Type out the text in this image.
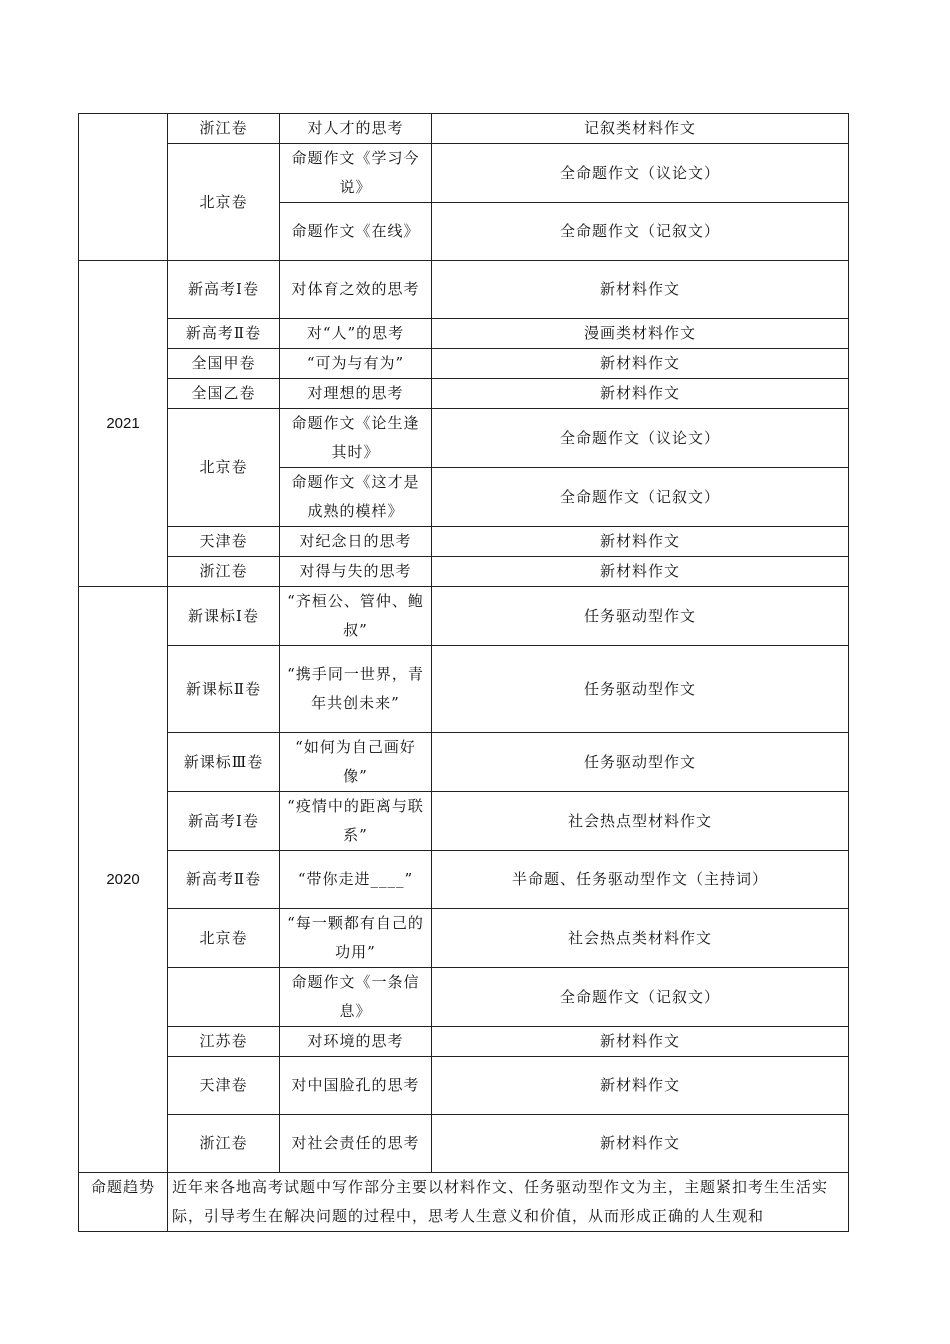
	浙江卷	对人才的思考	记叙类材料作文
	北京卷	命题作文《学习今说》	全命题作文（议论文）
		命题作文《在线》	全命题作文（记叙文）
2021	新高考Ⅰ卷	对体育之效的思考	新材料作文
	新高考Ⅱ卷	对“人”的思考	漫画类材料作文
	全国甲卷	“可为与有为”	新材料作文
	全国乙卷	对理想的思考	新材料作文
	北京卷	命题作文《论生逢其时》	全命题作文（议论文）
		命题作文《这才是成熟的模样》	全命题作文（记叙文）
	天津卷	对纪念日的思考	新材料作文
	浙江卷	对得与失的思考	新材料作文
2020	新课标Ⅰ卷	“齐桓公、管仲、鲍叔”	任务驱动型作文
	新课标Ⅱ卷	“携手同一世界，青年共创未来”	任务驱动型作文
	新课标Ⅲ卷	“如何为自己画好像”	任务驱动型作文
	新高考Ⅰ卷	“疫情中的距离与联系”	社会热点型材料作文
	新高考Ⅱ卷	“带你走进____”	半命题、任务驱动型作文（主持词）
	北京卷	“每一颗都有自己的功用”	社会热点类材料作文
		命题作文《一条信息》	全命题作文（记叙文）
	江苏卷	对环境的思考	新材料作文
	天津卷	对中国脸孔的思考	新材料作文
	浙江卷	对社会责任的思考	新材料作文
命题趋势	近年来各地高考试题中写作部分主要以材料作文、任务驱动型作文为主，主题紧扣考生生活实际，引导考生在解决问题的过程中，思考人生意义和价值，从而形成正确的人生观和		
